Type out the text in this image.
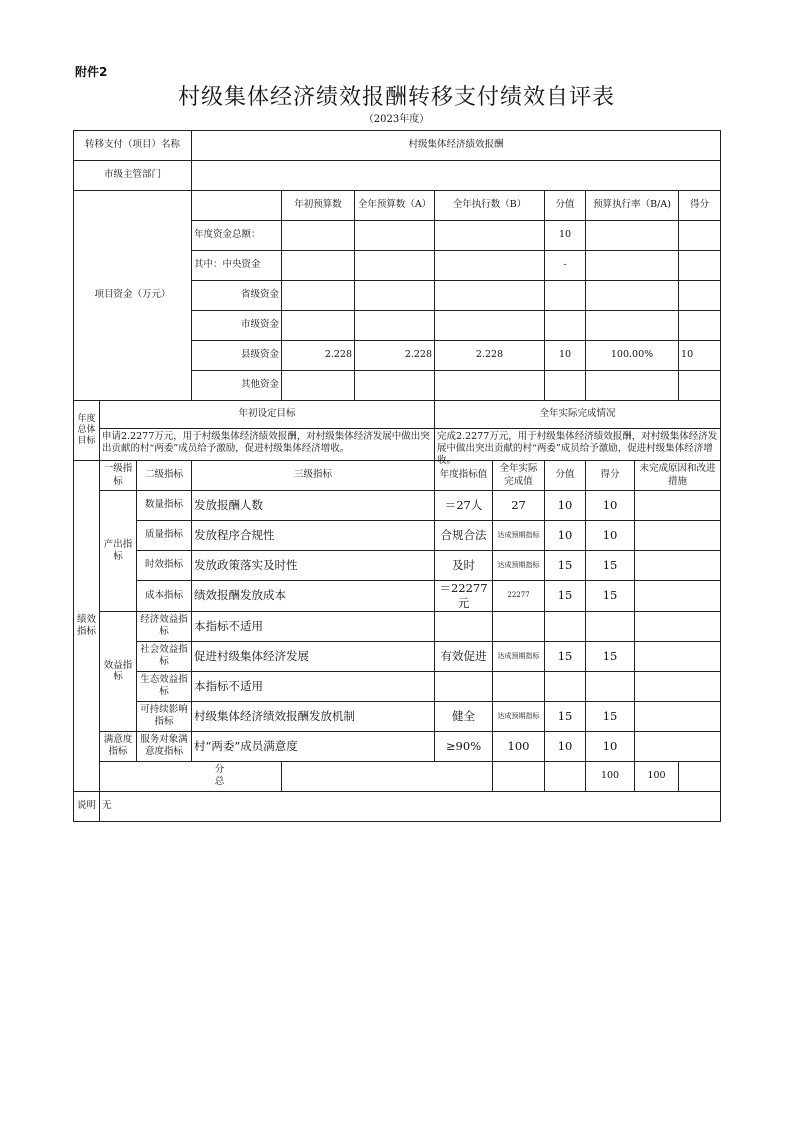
附件2
村级集体经济绩效报酬转移支付绩效自评表
（2023年度）
转移支付（项目）名称			村级集体经济绩效报酬								
市级主管部门											
项目资金（万元）				年初预算数	全年预算数（A）	全年执行数（B）		分值	预算执行率（B/A)		得分
			年度资金总额：					10			
			其中：中央资金					-			
			省级资金								
			市级资金								
			县级资金	2.228	2.228	2.228		10	100.00%		10
			其他资金								
年度总体目标	年初设定目标					全年实际完成情况					

	申请2.2277万元，用于村级集体经济绩效报酬，对村级集体经济发展中做出突出贡献的村“两委”成员给予激励，促进村级集体经济增收。					完成2.2277万元，用于村级集体经济绩效报酬，对村级集体经济发展中做出突出贡献的村“两委”成员给予激励，促进村级集体经济增收。					

绩效指标	一级指标	二级指标	三级指标			年度指标值	全年实际完成值	分值	得分	未完成原因和改进措施	
	产出指标	数量指标	发放报酬人数			＝27人	27	10	10		
		质量指标	发放程序合规性			合规合法	达成预期指标	10	10		
		时效指标	发放政策落实及时性			及时	达成预期指标	15	15		
		成本指标	绩效报酬发放成本			＝22277元	22277	15	15		
	效益指标	经济效益指标	本指标不适用								
		社会效益指标	促进村级集体经济发展			有效促进	达成预期指标	15	15		
		生态效益指标	本指标不适用								
		可持续影响指标	村级集体经济绩效报酬发放机制			健全	达成预期指标	15	15		
	满意度指标	服务对象满意度指标	村“两委”成员满意度			≥90%	100	10	10		

	分总								100	100	
说明	无										
